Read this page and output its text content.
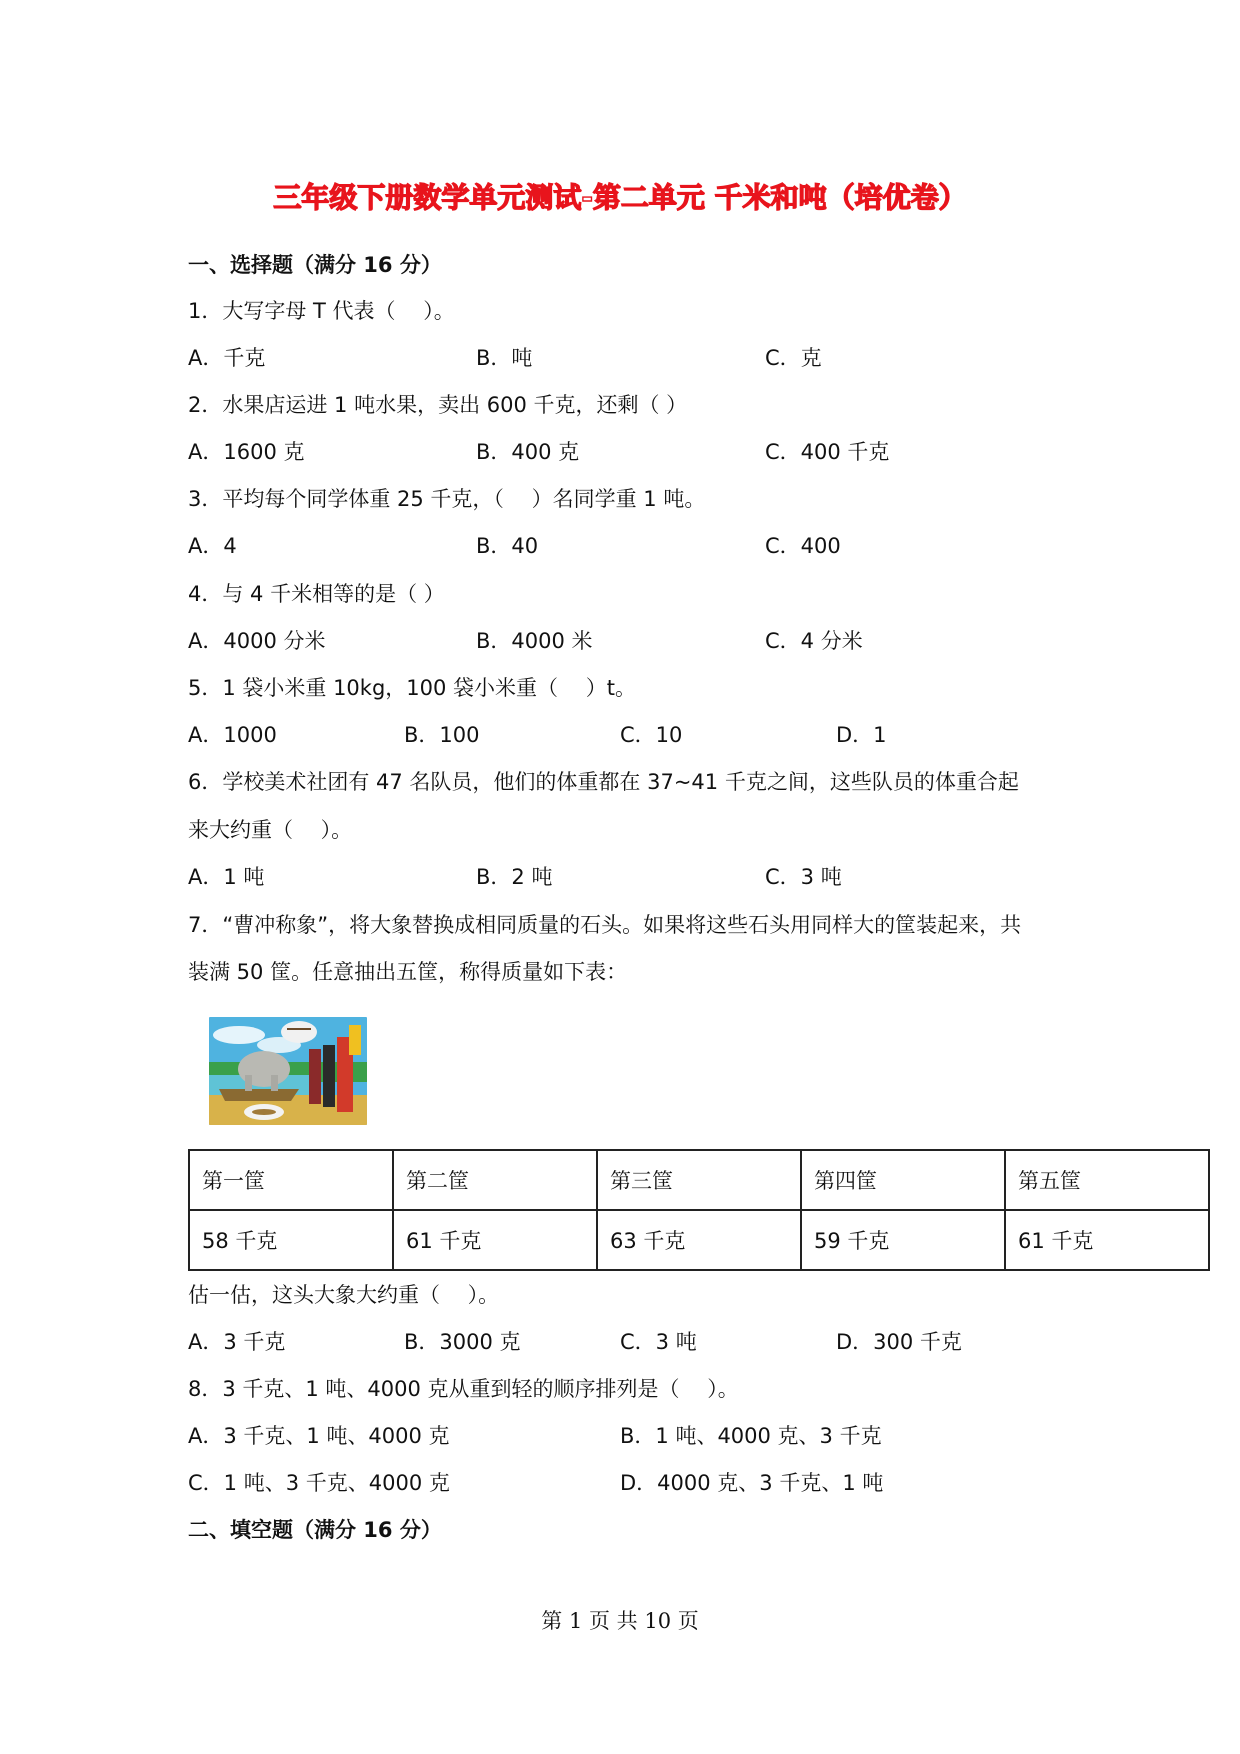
三年级下册数学单元测试-第二单元 千米和吨（培优卷）
一、选择题（满分 16 分）
1．大写字母 T 代表（　 ）。
A．千克	B．吨	C．克
2．水果店运进 1 吨水果，卖出 600 千克，还剩（ ）
A．1600 克	B．400 克	C．400 千克
3．平均每个同学体重 25 千克，（　 ）名同学重 1 吨。
A．4	B．40	C．400
4．与 4 千米相等的是（ ）
A．4000 分米	B．4000 米	C．4 分米
5．1 袋小米重 10kg，100 袋小米重（　 ）t。
A．1000	B．100	C．10	D．1
6．学校美术社团有 47 名队员，他们的体重都在 37~41 千克之间，这些队员的体重合起
来大约重（　 ）。
A．1 吨	B．2 吨	C．3 吨
7．“曹冲称象”，将大象替换成相同质量的石头。如果将这些石头用同样大的筐装起来，共
装满 50 筐。任意抽出五筐，称得质量如下表：
第一筐	第二筐	第三筐	第四筐	第五筐
58 千克	61 千克	63 千克	59 千克	61 千克
估一估，这头大象大约重（　 ）。
A．3 千克	B．3000 克	C．3 吨	D．300 千克
8．3 千克、1 吨、4000 克从重到轻的顺序排列是（　 ）。
A．3 千克、1 吨、4000 克	B．1 吨、4000 克、3 千克
C．1 吨、3 千克、4000 克	D．4000 克、3 千克、1 吨
二、填空题（满分 16 分）
第 1 页 共 10 页
